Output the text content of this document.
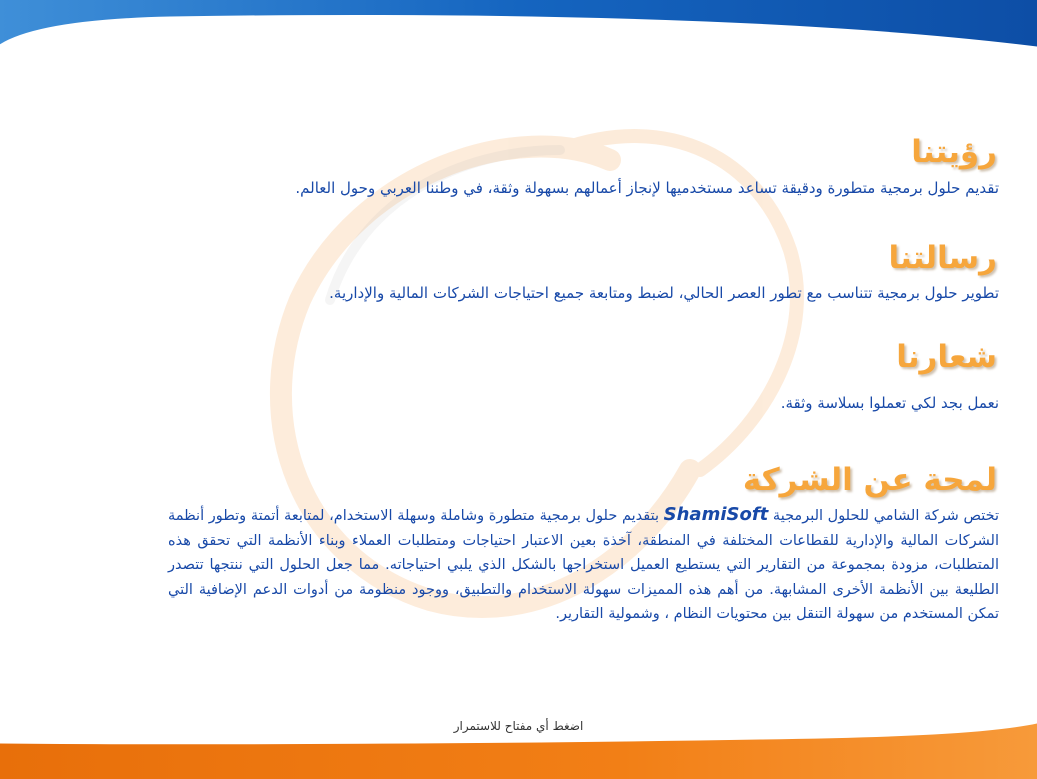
رؤيتنا

تقديم حلول برمجية متطورة ودقيقة تساعد مستخدميها لإنجاز أعمالهم بسهولة وثقة، في وطننا العربي وحول العالم.

رسالتنا

تطوير حلول برمجية تتناسب مع تطور العصر الحالي، لضبط ومتابعة جميع احتياجات الشركات المالية والإدارية.

شعارنا

نعمل بجد لكي تعملوا بسلاسة وثقة.

لمحة عن الشركة

تختص شركة الشامي للحلول البرمجية ShamiSoft بتقديم حلول برمجية متطورة وشاملة وسهلة الاستخدام، لمتابعة أتمتة وتطور أنظمة الشركات المالية والإدارية للقطاعات المختلفة في المنطقة، آخذة بعين الاعتبار احتياجات ومتطلبات العملاء وبناء الأنظمة التي تحقق هذه المتطلبات، مزودة بمجموعة من التقارير التي يستطيع العميل استخراجها بالشكل الذي يلبي احتياجاته. مما جعل الحلول التي ننتجها تتصدر الطليعة بين الأنظمة الأخرى المشابهة. من أهم هذه المميزات سهولة الاستخدام والتطبيق، ووجود منظومة من أدوات الدعم الإضافية التي تمكن المستخدم من سهولة التنقل بين محتويات النظام ، وشمولية التقارير.

اضغط أي مفتاح للاستمرار
